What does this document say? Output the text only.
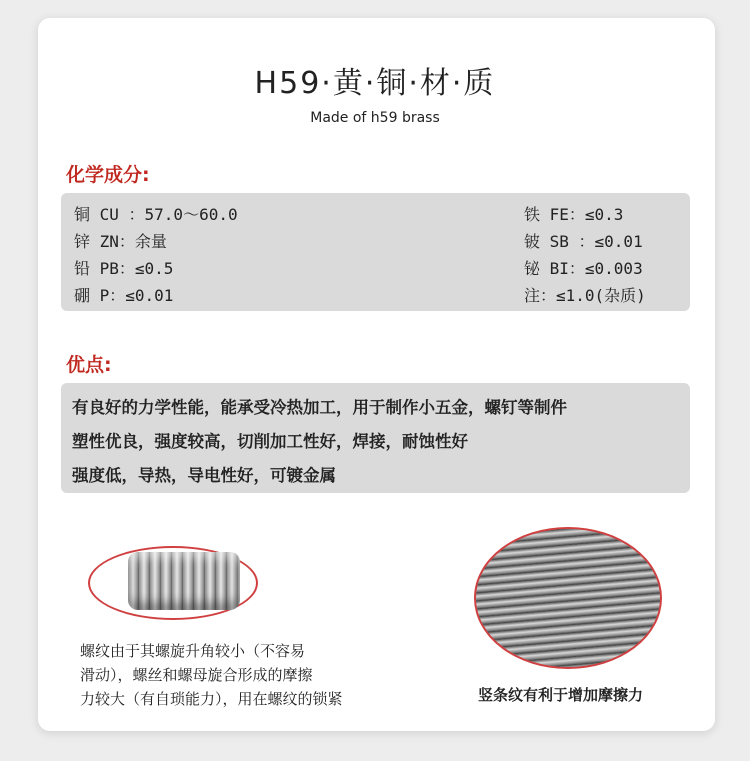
H59·黄·铜·材·质
Made of h59 brass
化学成分:
铜 CU ：57.0～60.0
锌 ZN：余量
铅 PB：≤0.5
硼 P：≤0.01
铁 FE：≤0.3
铍 SB ：≤0.01
铋 BI：≤0.003
注：≤1.0(杂质)
优点:
有良好的力学性能，能承受冷热加工，用于制作小五金，螺钉等制件
塑性优良，强度较高，切削加工性好，焊接，耐蚀性好
强度低，导热，导电性好，可镀金属
螺纹由于其螺旋升角较小（不容易
滑动），螺丝和螺母旋合形成的摩擦
力较大（有自琐能力），用在螺纹的锁紧	竖条纹有利于增加摩擦力
